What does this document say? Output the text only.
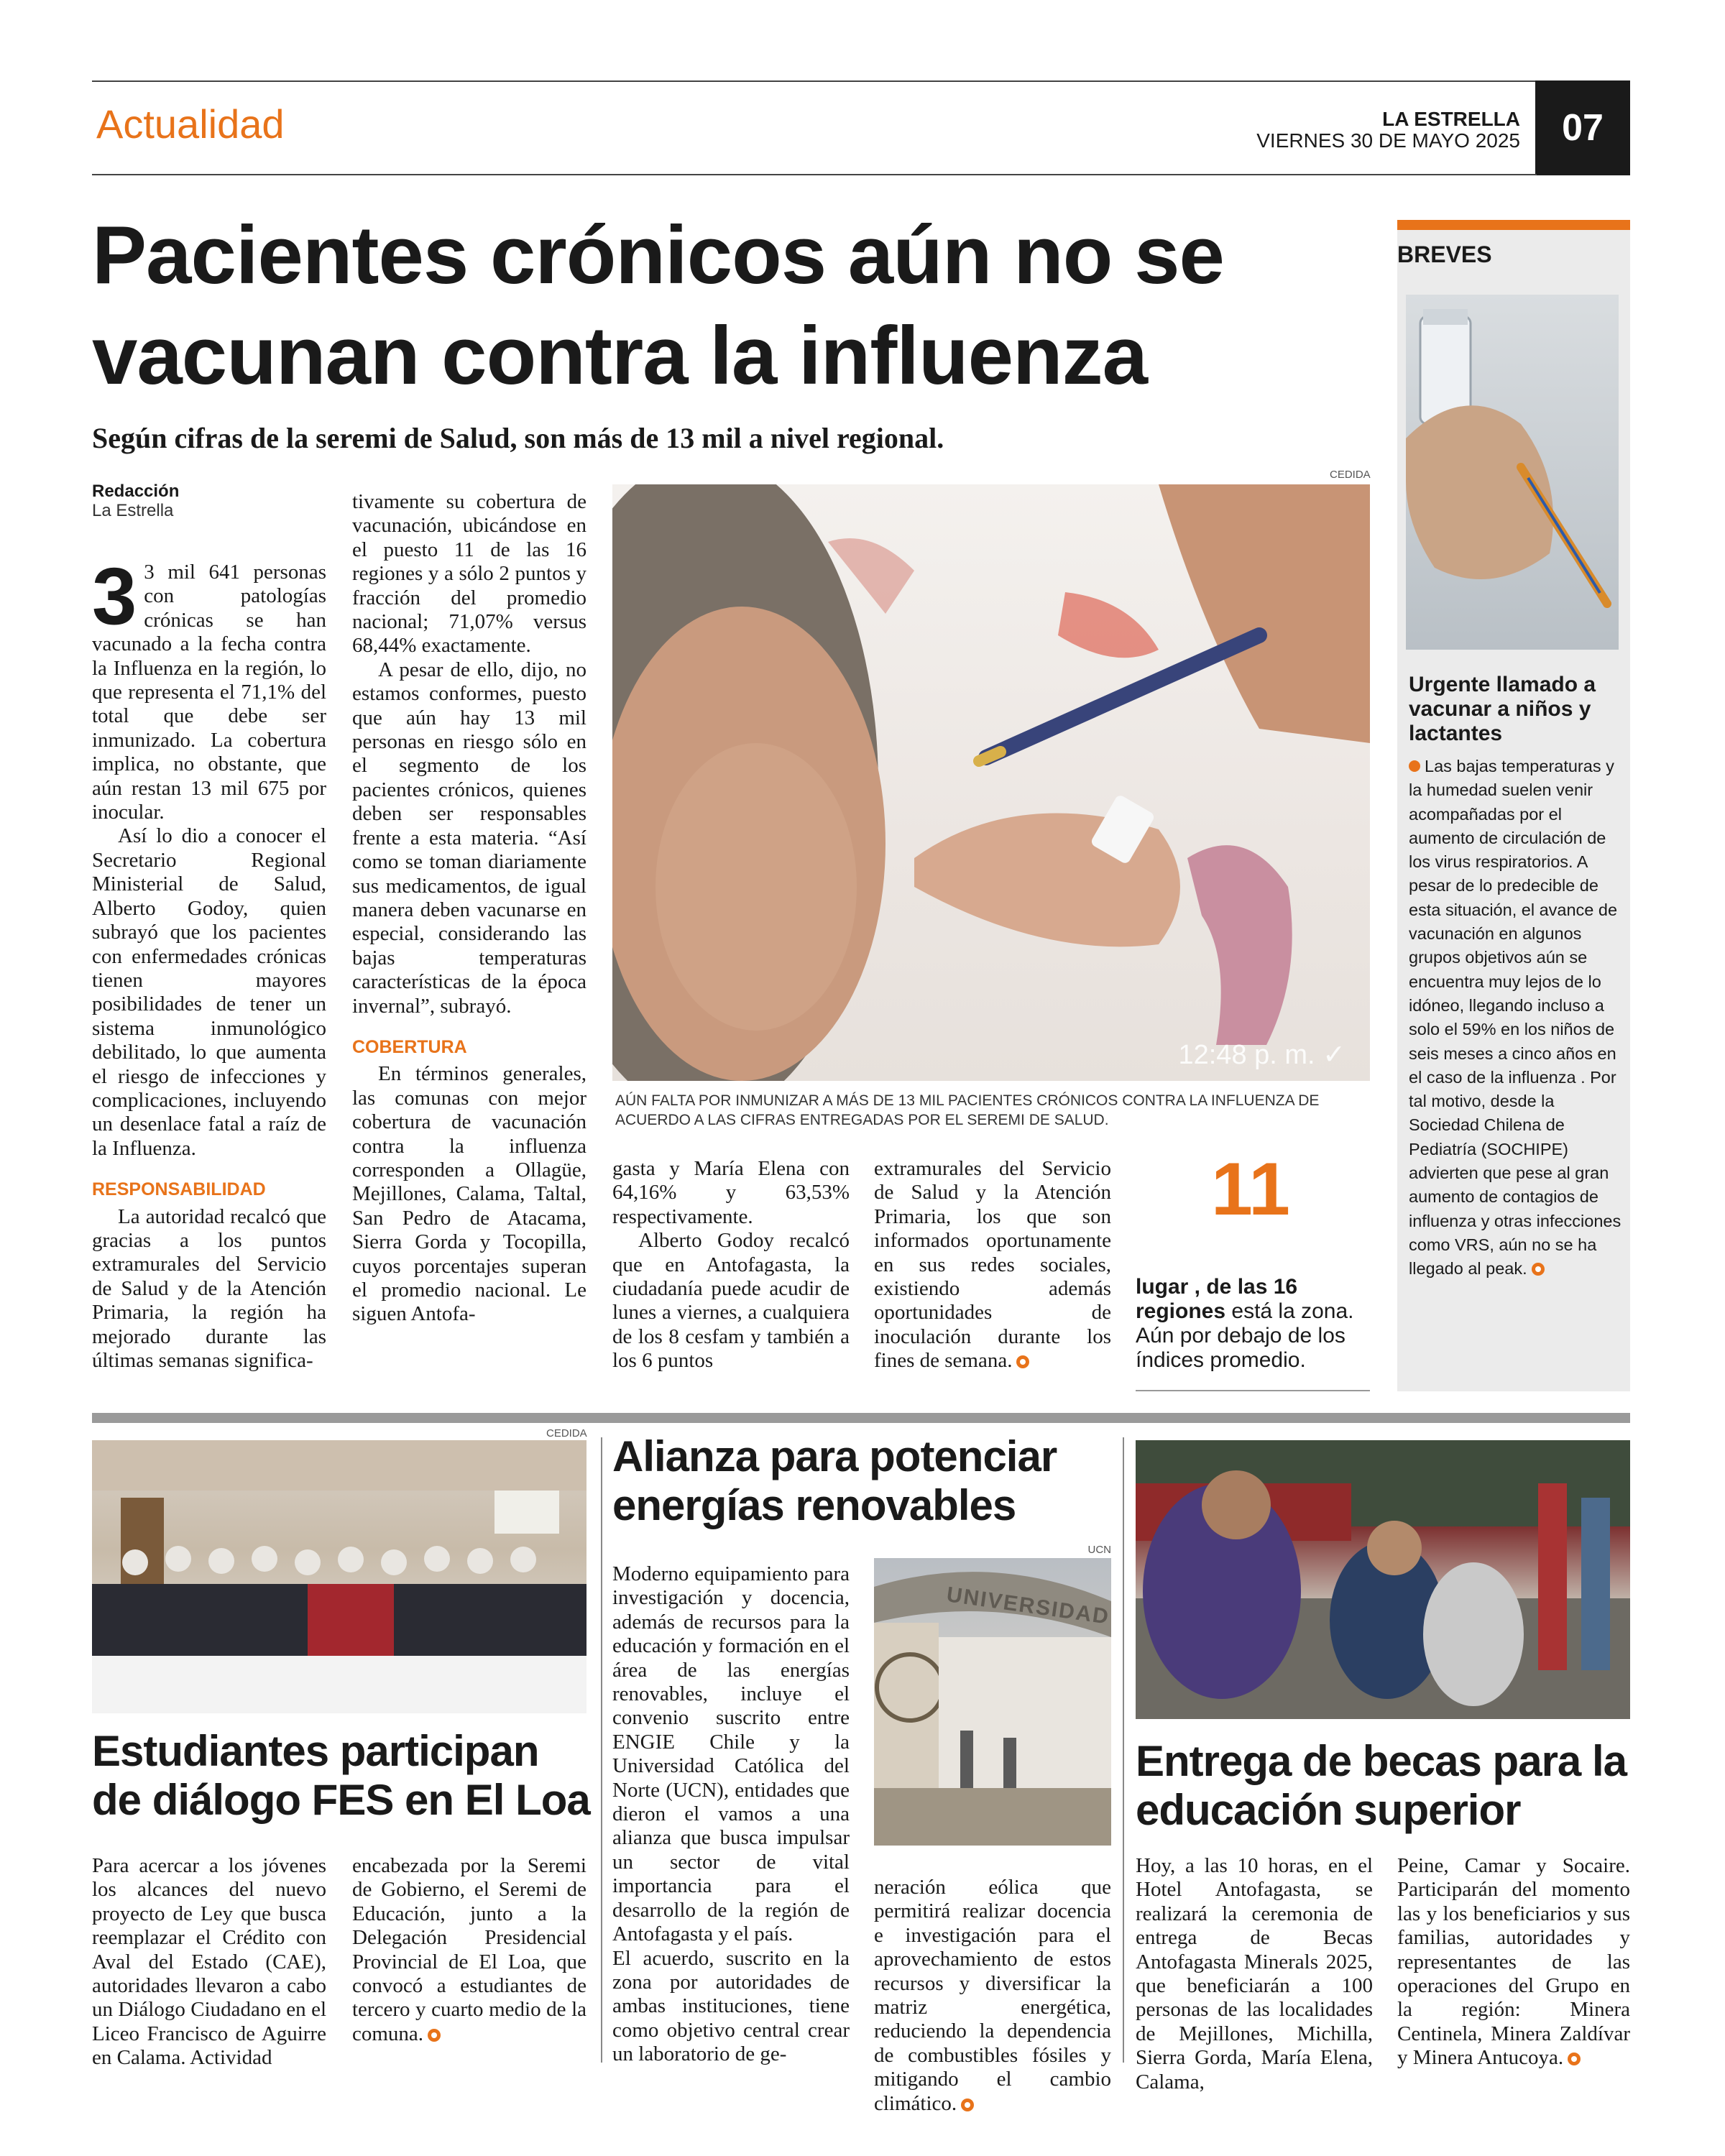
Actualidad	LA ESTRELLA
VIERNES 30 DE MAYO 2025	07
Pacientes crónicos aún no se
vacunan contra la influenza
Según cifras de la seremi de Salud, son más de 13 mil a nivel regional.
Redacción
La Estrella
3 3 mil 641 personas con patologías crónicas se han vacunado a la fecha contra la Influenza en la región, lo que representa el 71,1% del total que debe ser inmunizado. La cobertura implica, no obstante, que aún restan 13 mil 675 por inocular.

Así lo dio a conocer el Secretario Regional Ministerial de Salud, Alberto Godoy, quien subrayó que los pacientes con enfermedades crónicas tienen mayores posibilidades de tener un sistema inmunológico debilitado, lo que aumenta el riesgo de infecciones y complicaciones, incluyendo un desenlace fatal a raíz de la Influenza.

RESPONSABILIDAD

La autoridad recalcó que gracias a los puntos extramurales del Servicio de Salud y de la Atención Primaria, la región ha mejorado durante las últimas semanas significa-

tivamente su cobertura de vacunación, ubicándose en el puesto 11 de las 16 regiones y a sólo 2 puntos y fracción del promedio nacional; 71,07% versus 68,44% exactamente.

A pesar de ello, dijo, no estamos conformes, puesto que aún hay 13 mil personas en riesgo sólo en el segmento de los pacientes crónicos, quienes deben ser responsables frente a esta materia. “Así como se toman diariamente sus medicamentos, de igual manera deben vacunarse en especial, considerando las bajas temperaturas características de la época invernal”, subrayó.

COBERTURA

En términos generales, las comunas con mejor cobertura de vacunación contra la influenza corresponden a Ollagüe, Mejillones, Calama, Taltal, San Pedro de Atacama, Sierra Gorda y Tocopilla, cuyos porcentajes superan el promedio nacional. Le siguen Antofa-

CEDIDA
12:48 p. m. ✓
AÚN FALTA POR INMUNIZAR A MÁS DE 13 MIL PACIENTES CRÓNICOS CONTRA LA INFLUENZA DE ACUERDO A LAS CIFRAS ENTREGADAS POR EL SEREMI DE SALUD.

gasta y María Elena con 64,16% y 63,53% respectivamente.

Alberto Godoy recalcó que en Antofagasta, la ciudadanía puede acudir de lunes a viernes, a cualquiera de los 8 cesfam y también a los 6 puntos

extramurales del Servicio de Salud y la Atención Primaria, los que son informados oportunamente en sus redes sociales, existiendo además oportunidades de inoculación durante los fines de semana.

11
lugar , de las 16 regiones está la zona. Aún por debajo de los índices promedio.
BREVES
Urgente llamado a vacunar a niños y lactantes
Las bajas temperaturas y la humedad suelen venir acompañadas por el aumento de circulación de los virus respiratorios. A pesar de lo predecible de esta situación, el avance de vacunación en algunos grupos objetivos aún se encuentra muy lejos de lo idóneo, llegando incluso a solo el 59% en los niños de seis meses a cinco años en el caso de la influenza . Por tal motivo, desde la Sociedad Chilena de Pediatría (SOCHIPE) advierten que pese al gran aumento de contagios de influenza y otras infecciones como VRS, aún no se ha llegado al peak.
CEDIDA
Estudiantes participan
de diálogo FES en El Loa

Para acercar a los jóvenes los alcances del nuevo proyecto de Ley que busca reemplazar el Crédito con Aval del Estado (CAE), autoridades llevaron a cabo un Diálogo Ciudadano en el Liceo Francisco de Aguirre en Calama. Actividad

encabezada por la Seremi de Gobierno, el Seremi de Educación, junto a la Delegación Presidencial Provincial de El Loa, que convocó a estudiantes de tercero y cuarto medio de la comuna.

Alianza para potenciar
energías renovables

Moderno equipamiento para investigación y docencia, además de recursos para la educación y formación en el área de las energías renovables, incluye el convenio suscrito entre ENGIE Chile y la Universidad Católica del Norte (UCN), entidades que dieron el vamos a una alianza que busca impulsar un sector de vital importancia para el desarrollo de la región de Antofagasta y el país.

El acuerdo, suscrito en la zona por autoridades de ambas instituciones, tiene como objetivo central crear un laboratorio de ge-

UCN
UNIVERSIDAD

neración eólica que permitirá realizar docencia e investigación para el aprovechamiento de estos recursos y diversificar la matriz energética, reduciendo la dependencia de combustibles fósiles y mitigando el cambio climático.

Entrega de becas para la
educación superior

Hoy, a las 10 horas, en el Hotel Antofagasta, se realizará la ceremonia de entrega de Becas Antofagasta Minerals 2025, que beneficiarán a 100 personas de las localidades de Mejillones, Michilla, Sierra Gorda, María Elena, Calama,

Peine, Camar y Socaire. Participarán del momento las y los beneficiarios y sus familias, autoridades y representantes de las operaciones del Grupo en la región: Minera Centinela, Minera Zaldívar y Minera Antucoya.
